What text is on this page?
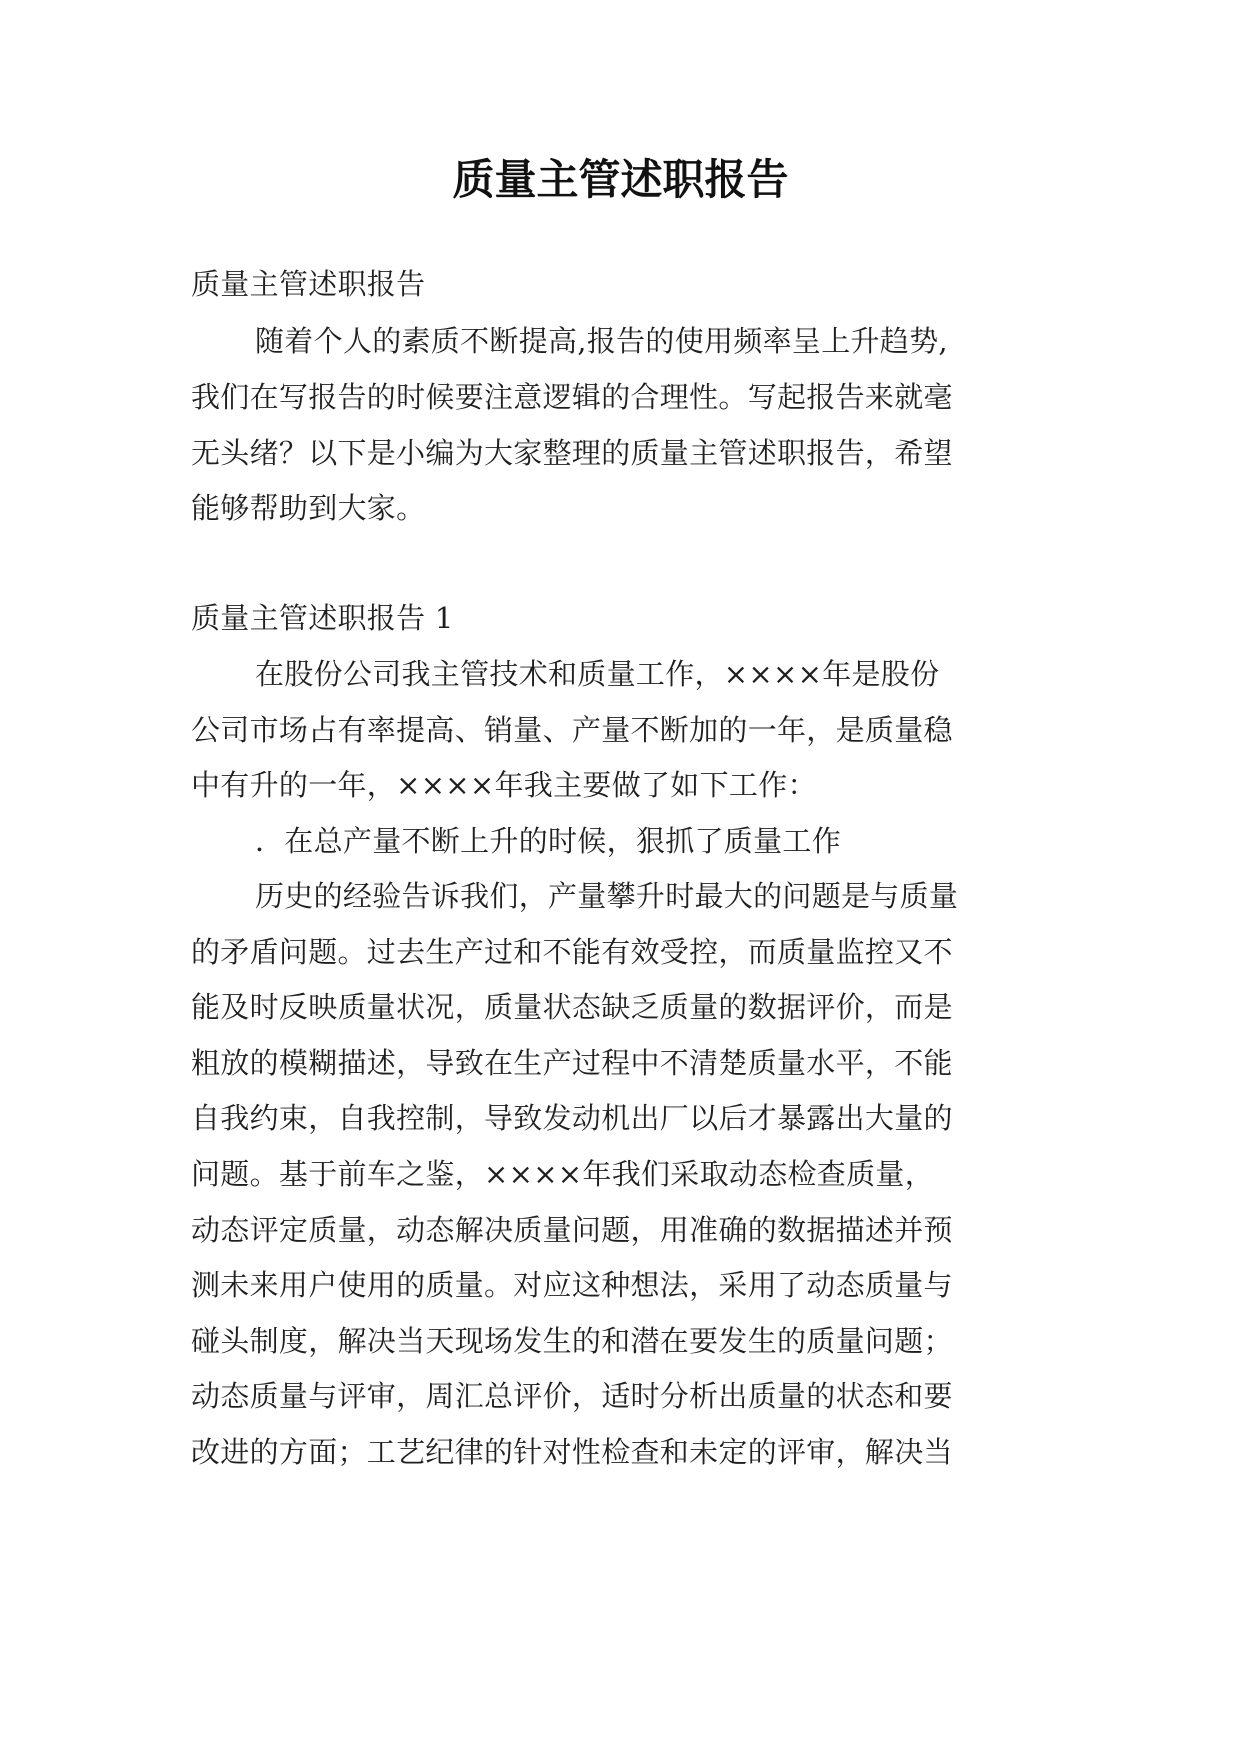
质量主管述职报告
质量主管述职报告
随着个人的素质不断提高,报告的使用频率呈上升趋势,
我们在写报告的时候要注意逻辑的合理性。写起报告来就毫
无头绪？以下是小编为大家整理的质量主管述职报告，希望
能够帮助到大家。
质量主管述职报告 1
在股份公司我主管技术和质量工作，××××年是股份
公司市场占有率提高、销量、产量不断加的一年，是质量稳
中有升的一年，××××年我主要做了如下工作：
．在总产量不断上升的时候，狠抓了质量工作
历史的经验告诉我们，产量攀升时最大的问题是与质量
的矛盾问题。过去生产过和不能有效受控，而质量监控又不
能及时反映质量状况，质量状态缺乏质量的数据评价，而是
粗放的模糊描述，导致在生产过程中不清楚质量水平，不能
自我约束，自我控制，导致发动机出厂以后才暴露出大量的
问题。基于前车之鉴，××××年我们采取动态检查质量，
动态评定质量，动态解决质量问题，用准确的数据描述并预
测未来用户使用的质量。对应这种想法，采用了动态质量与
碰头制度，解决当天现场发生的和潜在要发生的质量问题；
动态质量与评审，周汇总评价，适时分析出质量的状态和要
改进的方面；工艺纪律的针对性检查和未定的评审，解决当
